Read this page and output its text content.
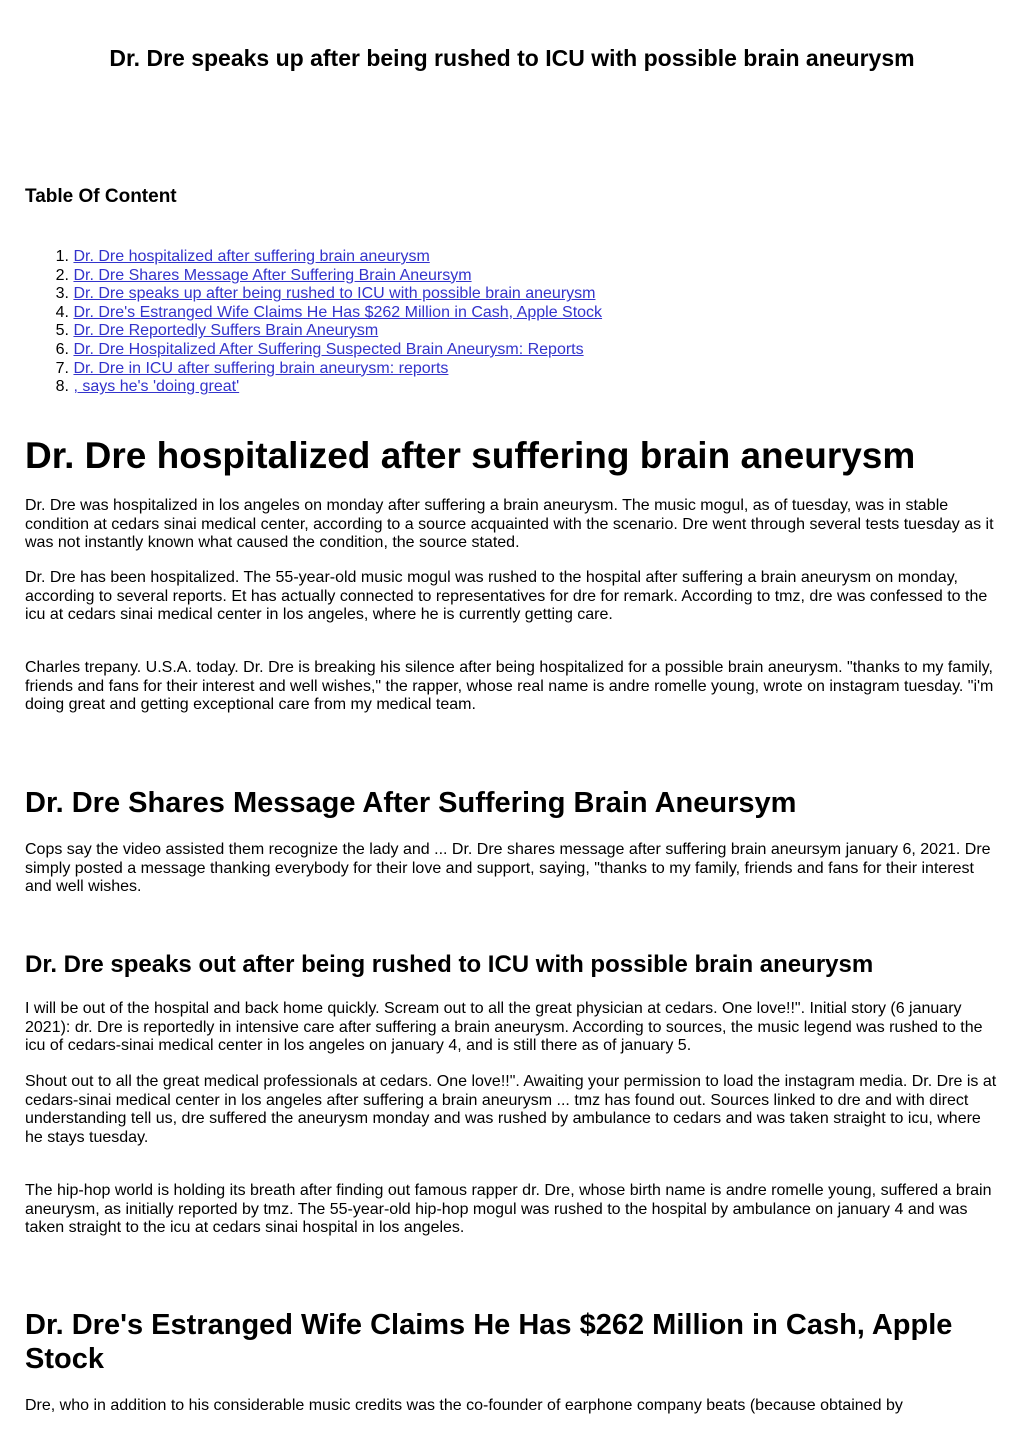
Dr. Dre speaks up after being rushed to ICU with possible brain aneurysm
Table Of Content
1.
Dr. Dre hospitalized after suffering brain aneurysm
2.
Dr. Dre Shares Message After Suffering Brain Aneursym
3.
Dr. Dre speaks up after being rushed to ICU with possible brain aneurysm
4.
Dr. Dre's Estranged Wife Claims He Has $262 Million in Cash, Apple Stock
5.
Dr. Dre Reportedly Suffers Brain Aneurysm
6.
Dr. Dre Hospitalized After Suffering Suspected Brain Aneurysm: Reports
7.
Dr. Dre in ICU after suffering brain aneurysm: reports
8.
, says he's 'doing great'
Dr. Dre hospitalized after suffering brain aneurysm

Dr. Dre was hospitalized in los angeles on monday after suffering a brain aneurysm. The music mogul, as of tuesday, was in stable condition at cedars sinai medical center, according to a source acquainted with the scenario. Dre went through several tests tuesday as it was not instantly known what caused the condition, the source stated.

Dr. Dre has been hospitalized. The 55-year-old music mogul was rushed to the hospital after suffering a brain aneurysm on monday, according to several reports. Et has actually connected to representatives for dre for remark. According to tmz, dre was confessed to the icu at cedars sinai medical center in los angeles, where he is currently getting care.

Charles trepany. U.S.A. today. Dr. Dre is breaking his silence after being hospitalized for a possible brain aneurysm. "thanks to my family, friends and fans for their interest and well wishes," the rapper, whose real name is andre romelle young, wrote on instagram tuesday. "i'm doing great and getting exceptional care from my medical team.

Dr. Dre Shares Message After Suffering Brain Aneursym

Cops say the video assisted them recognize the lady and ... Dr. Dre shares message after suffering brain aneursym january 6, 2021. Dre simply posted a message thanking everybody for their love and support, saying, "thanks to my family, friends and fans for their interest and well wishes.

Dr. Dre speaks out after being rushed to ICU with possible brain aneurysm

I will be out of the hospital and back home quickly. Scream out to all the great physician at cedars. One love!!". Initial story (6 january 2021): dr. Dre is reportedly in intensive care after suffering a brain aneurysm. According to sources, the music legend was rushed to the icu of cedars-sinai medical center in los angeles on january 4, and is still there as of january 5.

Shout out to all the great medical professionals at cedars. One love!!". Awaiting your permission to load the instagram media. Dr. Dre is at cedars-sinai medical center in los angeles after suffering a brain aneurysm ... tmz has found out. Sources linked to dre and with direct understanding tell us, dre suffered the aneurysm monday and was rushed by ambulance to cedars and was taken straight to icu, where he stays tuesday.

The hip-hop world is holding its breath after finding out famous rapper dr. Dre, whose birth name is andre romelle young, suffered a brain aneurysm, as initially reported by tmz. The 55-year-old hip-hop mogul was rushed to the hospital by ambulance on january 4 and was taken straight to the icu at cedars sinai hospital in los angeles.

Dr. Dre's Estranged Wife Claims He Has $262 Million in Cash, Apple Stock

Dre, who in addition to his considerable music credits was the co-founder of earphone company beats (because obtained by
